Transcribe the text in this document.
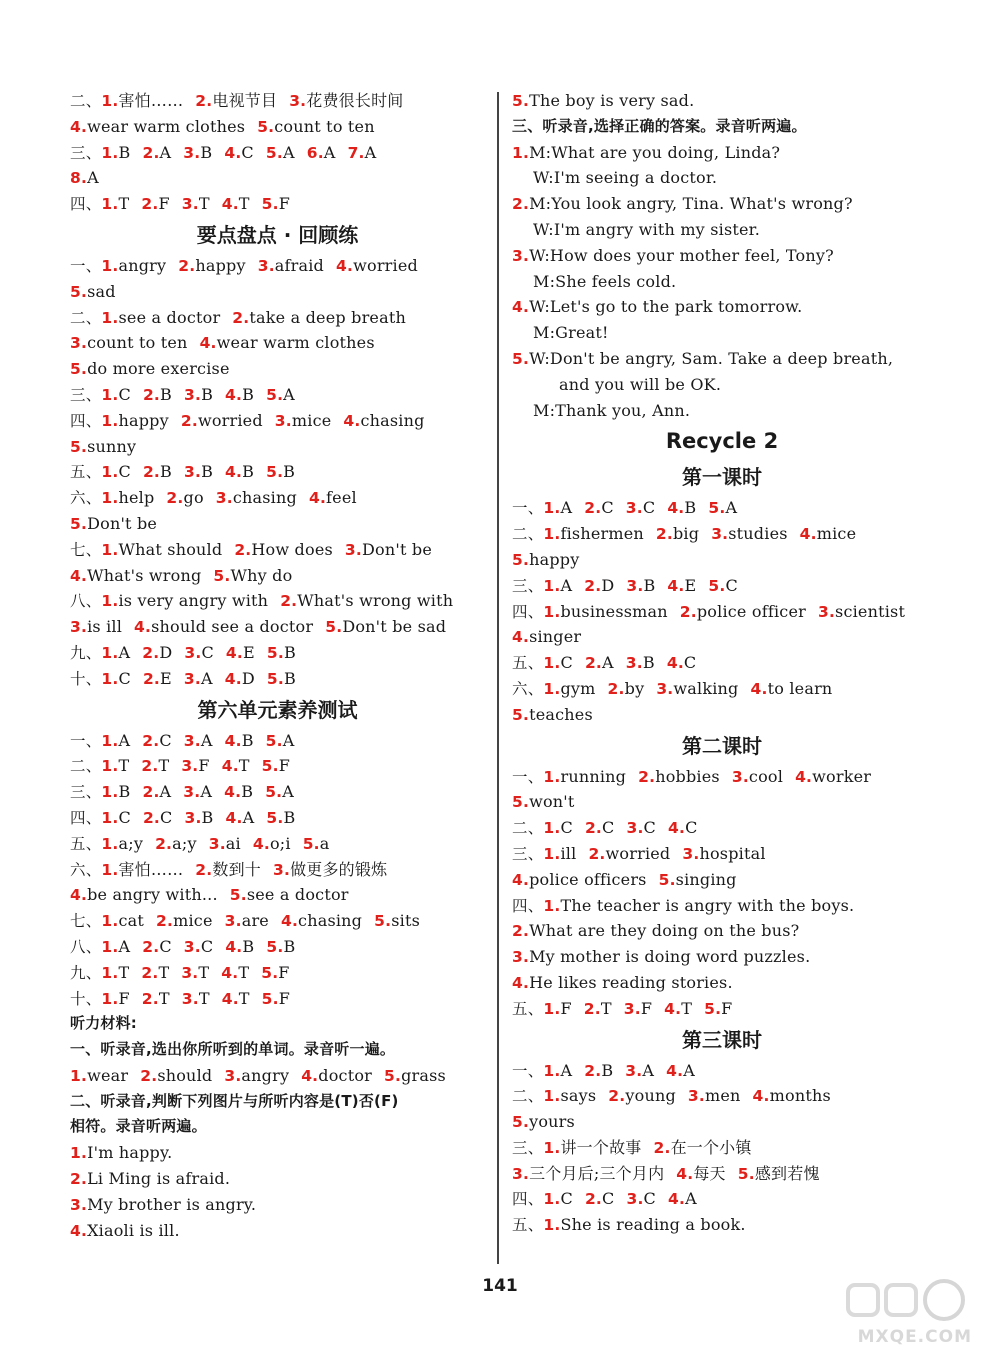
二、1.害怕…… 2.电视节目 3.花费很长时间
4.wear warm clothes 5.count to ten
三、1.B 2.A 3.B 4.C 5.A 6.A 7.A
8.A
四、1.T 2.F 3.T 4.T 5.F
要点盘点 · 回顾练
一、1.angry 2.happy 3.afraid 4.worried
5.sad
二、1.see a doctor 2.take a deep breath
3.count to ten 4.wear warm clothes
5.do more exercise
三、1.C 2.B 3.B 4.B 5.A
四、1.happy 2.worried 3.mice 4.chasing
5.sunny
五、1.C 2.B 3.B 4.B 5.B
六、1.help 2.go 3.chasing 4.feel
5.Don't be
七、1.What should 2.How does 3.Don't be
4.What's wrong 5.Why do
八、1.is very angry with 2.What's wrong with
3.is ill 4.should see a doctor 5.Don't be sad
九、1.A 2.D 3.C 4.E 5.B
十、1.C 2.E 3.A 4.D 5.B
第六单元素养测试
一、1.A 2.C 3.A 4.B 5.A
二、1.T 2.T 3.F 4.T 5.F
三、1.B 2.A 3.A 4.B 5.A
四、1.C 2.C 3.B 4.A 5.B
五、1.a;y 2.a;y 3.ai 4.o;i 5.a
六、1.害怕…… 2.数到十 3.做更多的锻炼
4.be angry with... 5.see a doctor
七、1.cat 2.mice 3.are 4.chasing 5.sits
八、1.A 2.C 3.C 4.B 5.B
九、1.T 2.T 3.T 4.T 5.F
十、1.F 2.T 3.T 4.T 5.F
听力材料:
一、听录音,选出你所听到的单词。录音听一遍。
1.wear 2.should 3.angry 4.doctor 5.grass
二、听录音,判断下列图片与所听内容是(T)否(F)
相符。录音听两遍。
1.I'm happy.
2.Li Ming is afraid.
3.My brother is angry.
4.Xiaoli is ill.
5.The boy is very sad.
三、听录音,选择正确的答案。录音听两遍。
1.M:What are you doing, Linda?
W:I'm seeing a doctor.
2.M:You look angry, Tina. What's wrong?
W:I'm angry with my sister.
3.W:How does your mother feel, Tony?
M:She feels cold.
4.W:Let's go to the park tomorrow.
M:Great!
5.W:Don't be angry, Sam. Take a deep breath,
and you will be OK.
M:Thank you, Ann.
Recycle 2
第一课时
一、1.A 2.C 3.C 4.B 5.A
二、1.fishermen 2.big 3.studies 4.mice
5.happy
三、1.A 2.D 3.B 4.E 5.C
四、1.businessman 2.police officer 3.scientist
4.singer
五、1.C 2.A 3.B 4.C
六、1.gym 2.by 3.walking 4.to learn
5.teaches
第二课时
一、1.running 2.hobbies 3.cool 4.worker
5.won't
二、1.C 2.C 3.C 4.C
三、1.ill 2.worried 3.hospital
4.police officers 5.singing
四、1.The teacher is angry with the boys.
2.What are they doing on the bus?
3.My mother is doing word puzzles.
4.He likes reading stories.
五、1.F 2.T 3.F 4.T 5.F
第三课时
一、1.A 2.B 3.A 4.A
二、1.says 2.young 3.men 4.months
5.yours
三、1.讲一个故事 2.在一个小镇
3.三个月后;三个月内 4.每天 5.感到若愧
四、1.C 2.C 3.C 4.A
五、1.She is reading a book.
141
MXQE.COM
